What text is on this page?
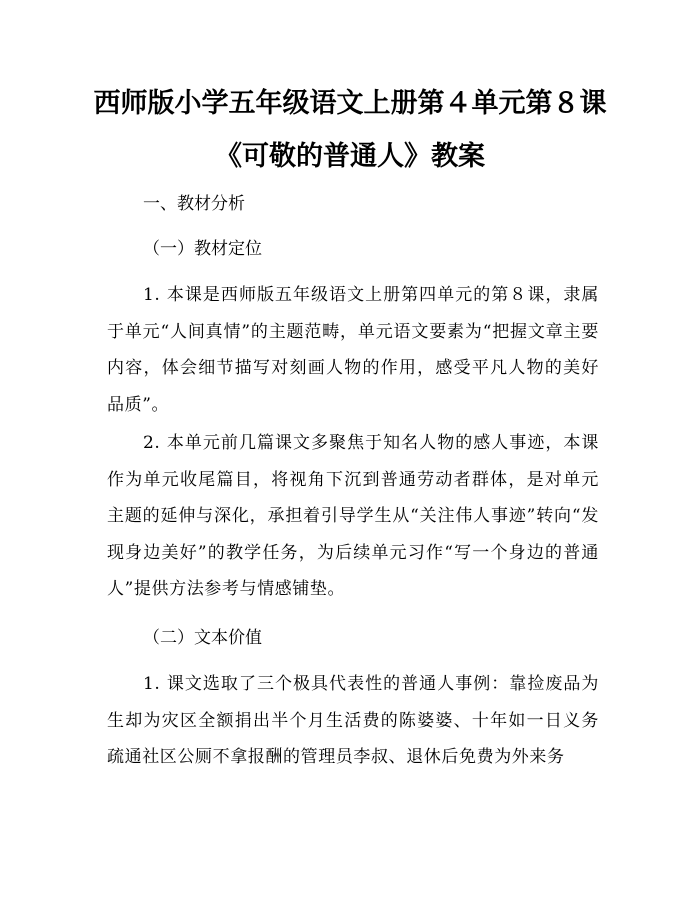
西师版小学五年级语文上册第４单元第８课
《可敬的普通人》教案
一、教材分析
（一）教材定位

1. 本课是西师版五年级语文上册第四单元的第８课，隶属于单元“人间真情”的主题范畴，单元语文要素为“把握文章主要内容，体会细节描写对刻画人物的作用，感受平凡人物的美好品质”。

2. 本单元前几篇课文多聚焦于知名人物的感人事迹，本课作为单元收尾篇目，将视角下沉到普通劳动者群体，是对单元主题的延伸与深化，承担着引导学生从“关注伟人事迹”转向“发现身边美好”的教学任务，为后续单元习作“写一个身边的普通人”提供方法参考与情感铺垫。

（二）文本价值

1. 课文选取了三个极具代表性的普通人事例：靠捡废品为生却为灾区全额捐出半个月生活费的陈婆婆、十年如一日义务疏通社区公厕不拿报酬的管理员李叔、退休后免费为外来务
